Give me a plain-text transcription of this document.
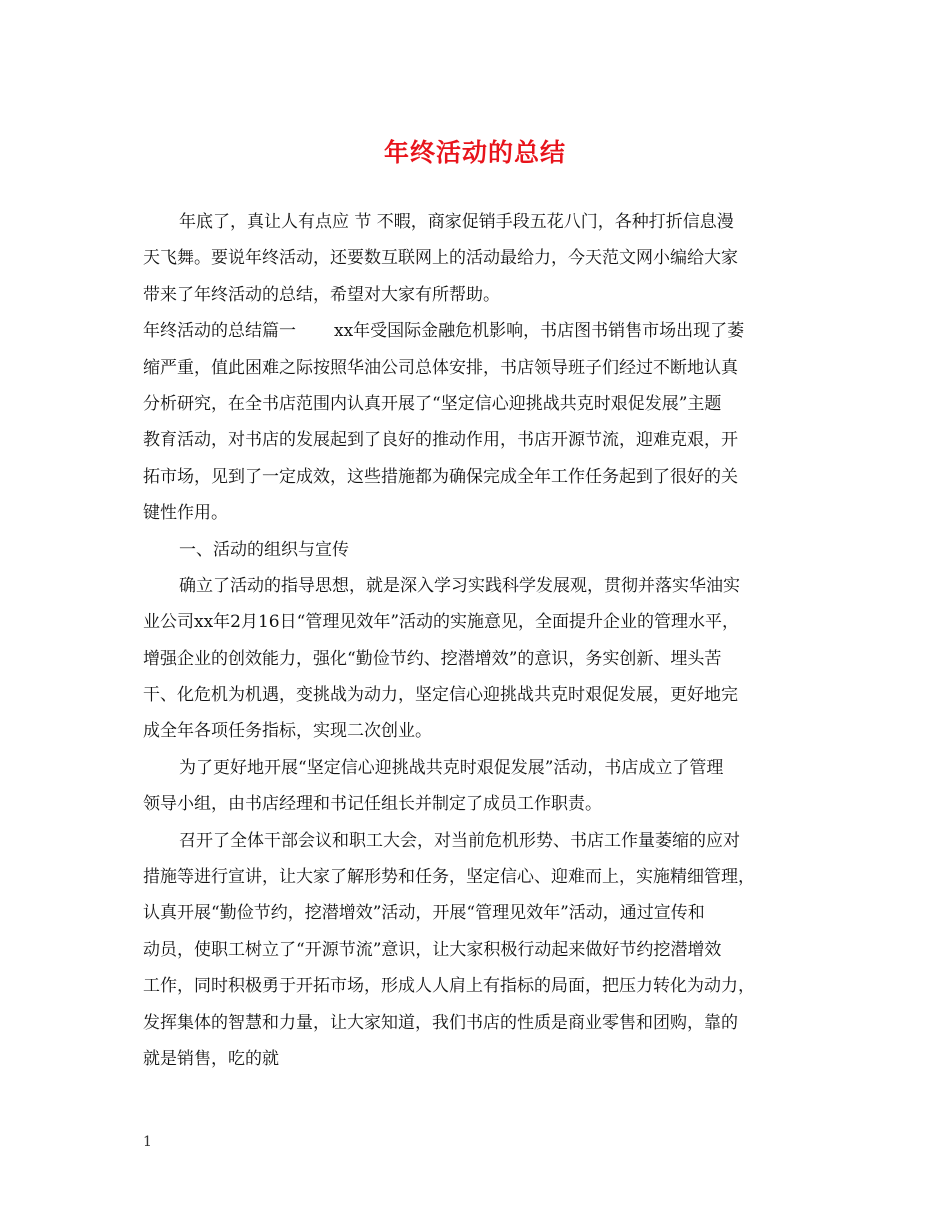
年终活动的总结
年底了，真让人有点应 节 不暇，商家促销手段五花八门，各种打折信息漫
天飞舞。要说年终活动，还要数互联网上的活动最给力，今天范文网小编给大家
带来了年终活动的总结，希望对大家有所帮助。
年终活动的总结篇一 xx年受国际金融危机影响，书店图书销售市场出现了萎
缩严重，值此困难之际按照华油公司总体安排，书店领导班子们经过不断地认真
分析研究，在全书店范围内认真开展了“坚定信心迎挑战共克时艰促发展”主题
教育活动，对书店的发展起到了良好的推动作用，书店开源节流，迎难克艰，开
拓市场，见到了一定成效，这些措施都为确保完成全年工作任务起到了很好的关
键性作用。
一、活动的组织与宣传
确立了活动的指导思想，就是深入学习实践科学发展观，贯彻并落实华油实
业公司xx年2月16日“管理见效年”活动的实施意见，全面提升企业的管理水平，
增强企业的创效能力，强化“勤俭节约、挖潜增效”的意识，务实创新、埋头苦
干、化危机为机遇，变挑战为动力，坚定信心迎挑战共克时艰促发展，更好地完
成全年各项任务指标，实现二次创业。
为了更好地开展“坚定信心迎挑战共克时艰促发展”活动，书店成立了管理
领导小组，由书店经理和书记任组长并制定了成员工作职责。
召开了全体干部会议和职工大会，对当前危机形势、书店工作量萎缩的应对
措施等进行宣讲，让大家了解形势和任务，坚定信心、迎难而上，实施精细管理，
认真开展“勤俭节约，挖潜增效”活动，开展“管理见效年”活动，通过宣传和
动员，使职工树立了“开源节流”意识，让大家积极行动起来做好节约挖潜增效
工作，同时积极勇于开拓市场，形成人人肩上有指标的局面，把压力转化为动力，
发挥集体的智慧和力量，让大家知道，我们书店的性质是商业零售和团购，靠的
就是销售，吃的就
1
